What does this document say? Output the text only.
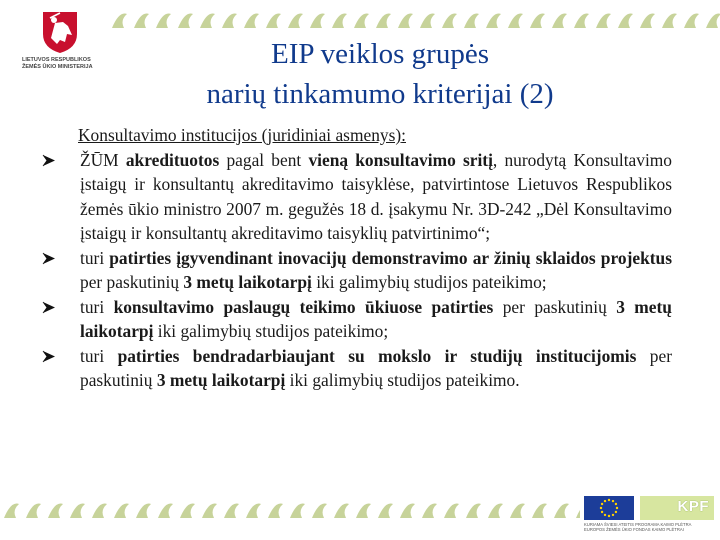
LIETUVOS RESPUBLIKOS
ŽEMĖS ŪKIO MINISTERIJA	EIP veiklos grupės
narių tinkamumo kriterijai (2)
Konsultavimo institucijos (juridiniai asmenys):
ŽŪM akredituotos pagal bent vieną konsultavimo sritį, nurodytą Konsultavimo įstaigų ir konsultantų akreditavimo taisyklėse, patvirtintose Lietuvos Respublikos žemės ūkio ministro 2007 m. gegužės 18 d. įsakymu Nr. 3D-242 „Dėl Konsultavimo įstaigų ir konsultantų akreditavimo taisyklių patvirtinimo“;
turi patirties įgyvendinant inovacijų demonstravimo ar žinių sklaidos projektus per paskutinių 3 metų laikotarpį iki galimybių studijos pateikimo;
turi konsultavimo paslaugų teikimo ūkiuose patirties per paskutinių 3 metų laikotarpį iki galimybių studijos pateikimo;
turi patirties bendradarbiaujant su mokslo ir studijų institucijomis per paskutinių 3 metų laikotarpį iki galimybių studijos pateikimo.
KPF
KURIAMA ŠVIESI ATEITIS PROGRAMA KAIMO PLĖTRA
EUROPOS ŽEMĖS ŪKIO FONDAS KAIMO PLĖTRAI
